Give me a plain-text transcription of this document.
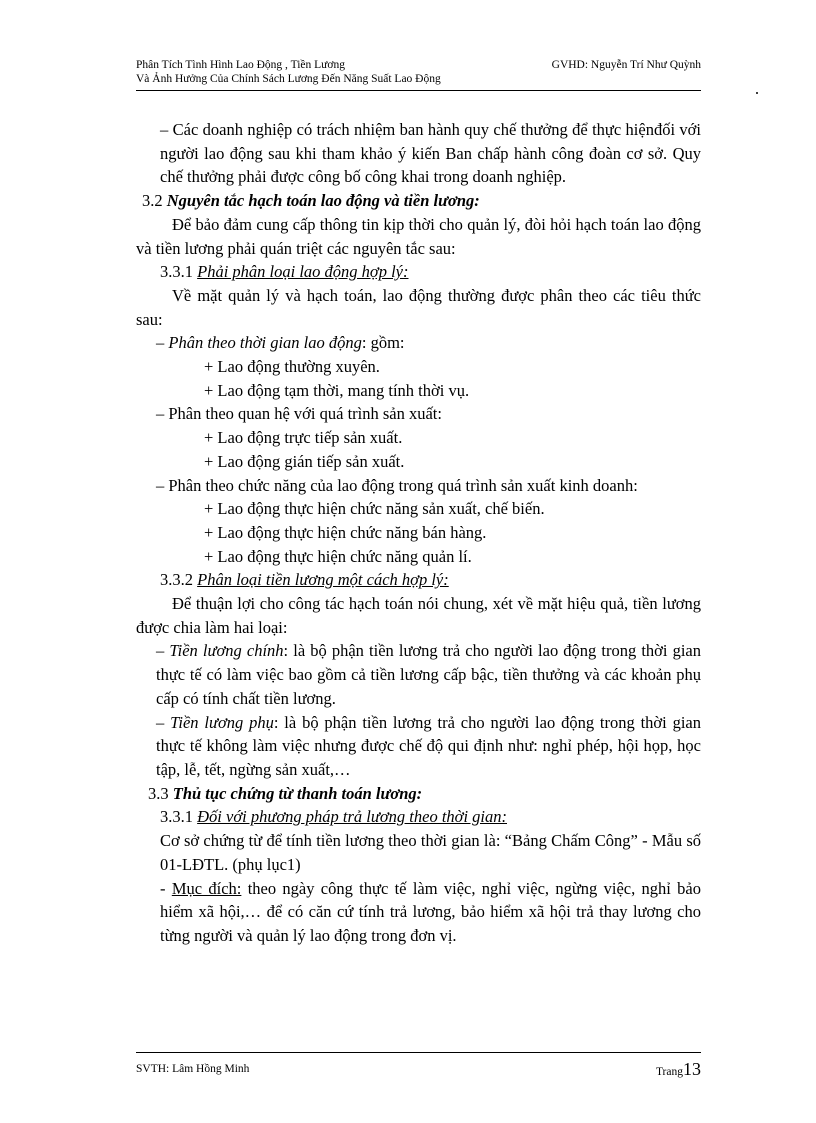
Phân Tích Tình Hình Lao Động , Tiền Lương	GVHD: Nguyễn Trí Như Quỳnh
Và Ảnh Hưởng Của Chính Sách Lương Đến Năng Suất Lao Động

– Các doanh nghiệp có trách nhiệm ban hành quy chế thưởng để thực hiệnđối với người lao động sau khi tham khảo ý kiến Ban chấp hành công đoàn cơ sở. Quy chế thưởng phải được công bố công khai trong doanh nghiệp.

3.2 Nguyên tắc hạch toán lao động và tiền lương:

Để bảo đảm cung cấp thông tin kịp thời cho quản lý, đòi hỏi hạch toán lao động và tiền lương phải quán triệt các nguyên tắc sau:

3.3.1 Phải phân loại lao động hợp lý:

Về mặt quản lý và hạch toán, lao động thường được phân theo các tiêu thức sau:

– Phân theo thời gian lao động: gồm:

+ Lao động thường xuyên.

+ Lao động tạm thời, mang tính thời vụ.

– Phân theo quan hệ với quá trình sản xuất:

+ Lao động trực tiếp sản xuất.

+ Lao động gián tiếp sản xuất.

– Phân theo chức năng của lao động trong quá trình sản xuất kinh doanh:

+ Lao động thực hiện chức năng sản xuất, chế biến.

+ Lao động thực hiện chức năng bán hàng.

+ Lao động thực hiện chức năng quản lí.

3.3.2 Phân loại tiền lương một cách hợp lý:

Để thuận lợi cho công tác hạch toán nói chung, xét về mặt hiệu quả, tiền lương được chia làm hai loại:

– Tiền lương chính: là bộ phận tiền lương trả cho người lao động trong thời gian thực tế có làm việc bao gồm cả tiền lương cấp bậc, tiền thưởng và các khoản phụ cấp có tính chất tiền lương.

– Tiền lương phụ: là bộ phận tiền lương trả cho người lao động trong thời gian thực tế không làm việc nhưng được chế độ qui định như: nghỉ phép, hội họp, học tập, lễ, tết, ngừng sản xuất,…

3.3 Thủ tục chứng từ thanh toán lương:

3.3.1 Đối với phương pháp trả lương theo thời gian:

Cơ sở chứng từ để tính tiền lương theo thời gian là: “Bảng Chấm Công” - Mẫu số 01-LĐTL. (phụ lục1)

- Mục đích: theo ngày công thực tế làm việc, nghỉ việc, ngừng việc, nghỉ bảo hiểm xã hội,… để có căn cứ tính trả lương, bảo hiểm xã hội trả thay lương cho từng người và quản lý lao động trong đơn vị.

SVTH: Lâm Hồng Minh	Trang13
